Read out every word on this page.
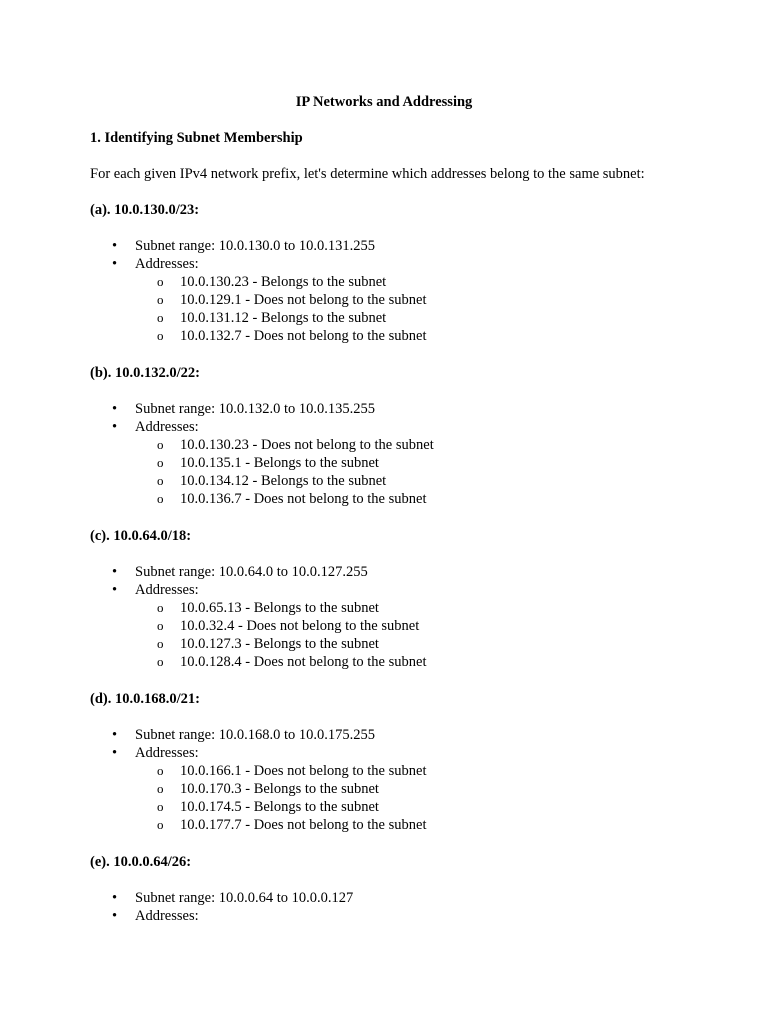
IP Networks and Addressing
1. Identifying Subnet Membership
For each given IPv4 network prefix, let's determine which addresses belong to the same subnet:
(a). 10.0.130.0/23:
• Subnet range: 10.0.130.0 to 10.0.131.255
• Addresses:
o 10.0.130.23 - Belongs to the subnet
o 10.0.129.1 - Does not belong to the subnet
o 10.0.131.12 - Belongs to the subnet
o 10.0.132.7 - Does not belong to the subnet
(b). 10.0.132.0/22:
• Subnet range: 10.0.132.0 to 10.0.135.255
• Addresses:
o 10.0.130.23 - Does not belong to the subnet
o 10.0.135.1 - Belongs to the subnet
o 10.0.134.12 - Belongs to the subnet
o 10.0.136.7 - Does not belong to the subnet
(c). 10.0.64.0/18:
• Subnet range: 10.0.64.0 to 10.0.127.255
• Addresses:
o 10.0.65.13 - Belongs to the subnet
o 10.0.32.4 - Does not belong to the subnet
o 10.0.127.3 - Belongs to the subnet
o 10.0.128.4 - Does not belong to the subnet
(d). 10.0.168.0/21:
• Subnet range: 10.0.168.0 to 10.0.175.255
• Addresses:
o 10.0.166.1 - Does not belong to the subnet
o 10.0.170.3 - Belongs to the subnet
o 10.0.174.5 - Belongs to the subnet
o 10.0.177.7 - Does not belong to the subnet
(e). 10.0.0.64/26:
• Subnet range: 10.0.0.64 to 10.0.0.127
• Addresses:
